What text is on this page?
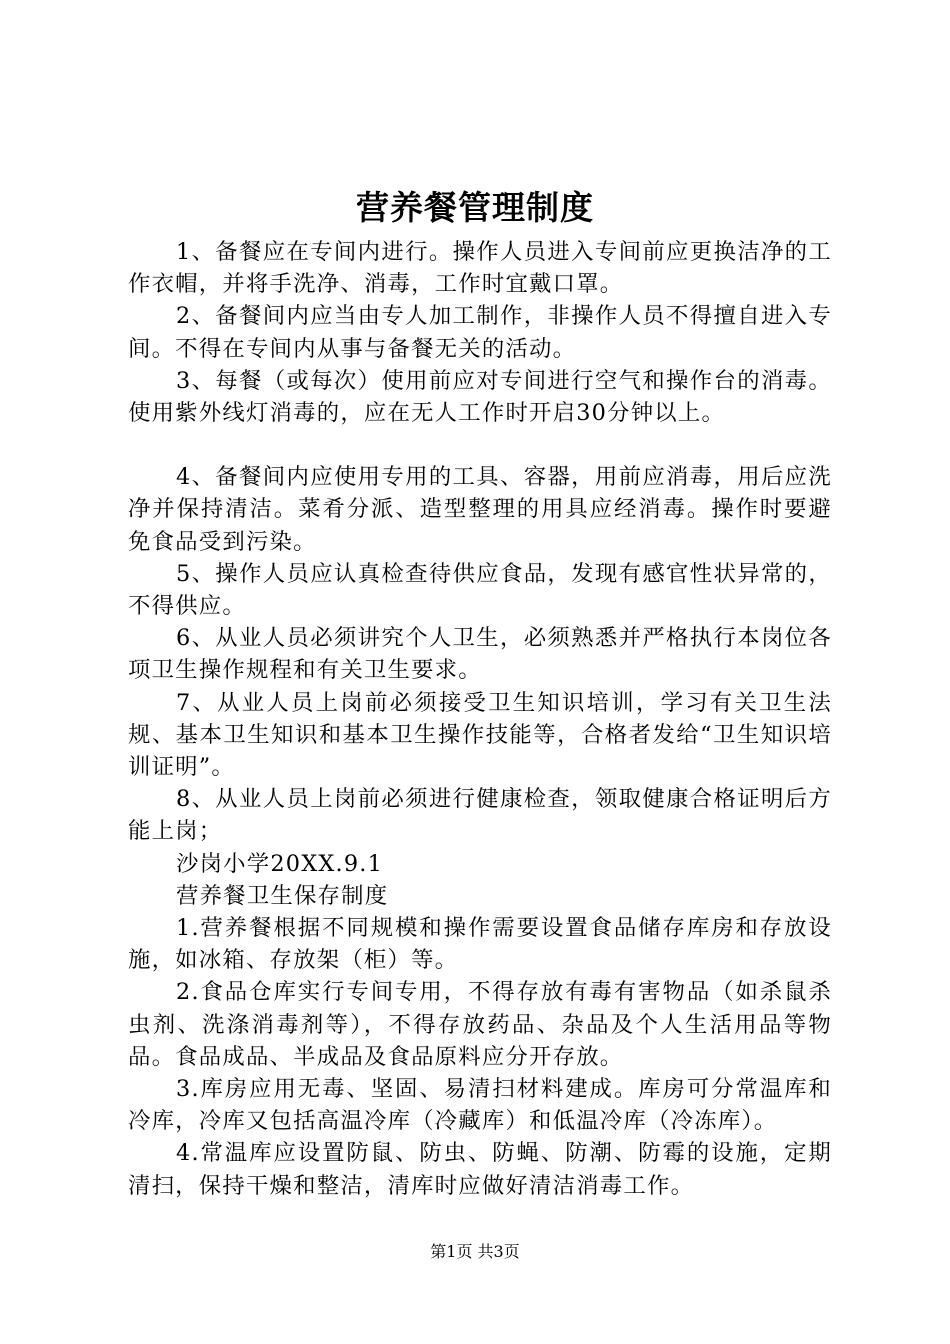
营养餐管理制度

1、备餐应在专间内进行。操作人员进入专间前应更换洁净的工作衣帽，并将手洗净、消毒，工作时宜戴口罩。

2、备餐间内应当由专人加工制作，非操作人员不得擅自进入专间。不得在专间内从事与备餐无关的活动。

3、每餐（或每次）使用前应对专间进行空气和操作台的消毒。使用紫外线灯消毒的，应在无人工作时开启30分钟以上。

4、备餐间内应使用专用的工具、容器，用前应消毒，用后应洗净并保持清洁。菜肴分派、造型整理的用具应经消毒。操作时要避免食品受到污染。

5、操作人员应认真检查待供应食品，发现有感官性状异常的，不得供应。

6、从业人员必须讲究个人卫生，必须熟悉并严格执行本岗位各项卫生操作规程和有关卫生要求。

7、从业人员上岗前必须接受卫生知识培训，学习有关卫生法规、基本卫生知识和基本卫生操作技能等，合格者发给“卫生知识培训证明”。

8、从业人员上岗前必须进行健康检查，领取健康合格证明后方能上岗；

沙岗小学20XX.9.1

营养餐卫生保存制度

1.营养餐根据不同规模和操作需要设置食品储存库房和存放设施，如冰箱、存放架（柜）等。

2.食品仓库实行专间专用，不得存放有毒有害物品（如杀鼠杀虫剂、洗涤消毒剂等），不得存放药品、杂品及个人生活用品等物品。食品成品、半成品及食品原料应分开存放。

3.库房应用无毒、坚固、易清扫材料建成。库房可分常温库和冷库，冷库又包括高温冷库（冷藏库）和低温冷库（冷冻库）。

4.常温库应设置防鼠、防虫、防蝇、防潮、防霉的设施，定期清扫，保持干燥和整洁，清库时应做好清洁消毒工作。

第1页 共3页
